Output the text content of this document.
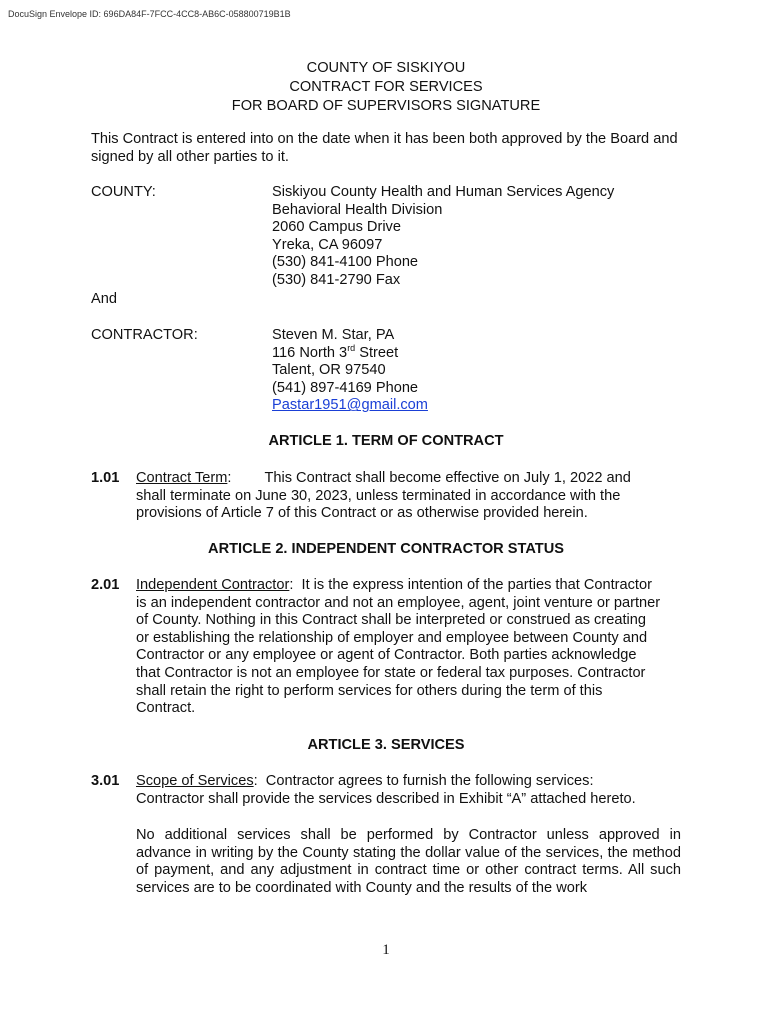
DocuSign Envelope ID: 696DA84F-7FCC-4CC8-AB6C-058800719B1B
COUNTY OF SISKIYOU
CONTRACT FOR SERVICES
FOR BOARD OF SUPERVISORS SIGNATURE
This Contract is entered into on the date when it has been both approved by the Board and signed by all other parties to it.
COUNTY:	Siskiyou County Health and Human Services Agency
Behavioral Health Division
2060 Campus Drive
Yreka, CA 96097
(530) 841-4100 Phone
(530) 841-2790 Fax
And
CONTRACTOR:	Steven M. Star, PA
116 North 3rd Street
Talent, OR 97540
(541) 897-4169 Phone
Pastar1951@gmail.com
ARTICLE 1. TERM OF CONTRACT
1.01 Contract Term: This Contract shall become effective on July 1, 2022 and
shall terminate on June 30, 2023, unless terminated in accordance with the
provisions of Article 7 of this Contract or as otherwise provided herein.
ARTICLE 2. INDEPENDENT CONTRACTOR STATUS
2.01 Independent Contractor:  It is the express intention of the parties that Contractor
is an independent contractor and not an employee, agent, joint venture or partner
of County. Nothing in this Contract shall be interpreted or construed as creating
or establishing the relationship of employer and employee between County and
Contractor or any employee or agent of Contractor. Both parties acknowledge
that Contractor is not an employee for state or federal tax purposes. Contractor
shall retain the right to perform services for others during the term of this
Contract.
ARTICLE 3. SERVICES
3.01 Scope of Services:  Contractor agrees to furnish the following services:
Contractor shall provide the services described in Exhibit “A” attached hereto.
No additional services shall be performed by Contractor unless approved in advance in writing by the County stating the dollar value of the services, the method of payment, and any adjustment in contract time or other contract terms. All such services are to be coordinated with County and the results of the work
1
